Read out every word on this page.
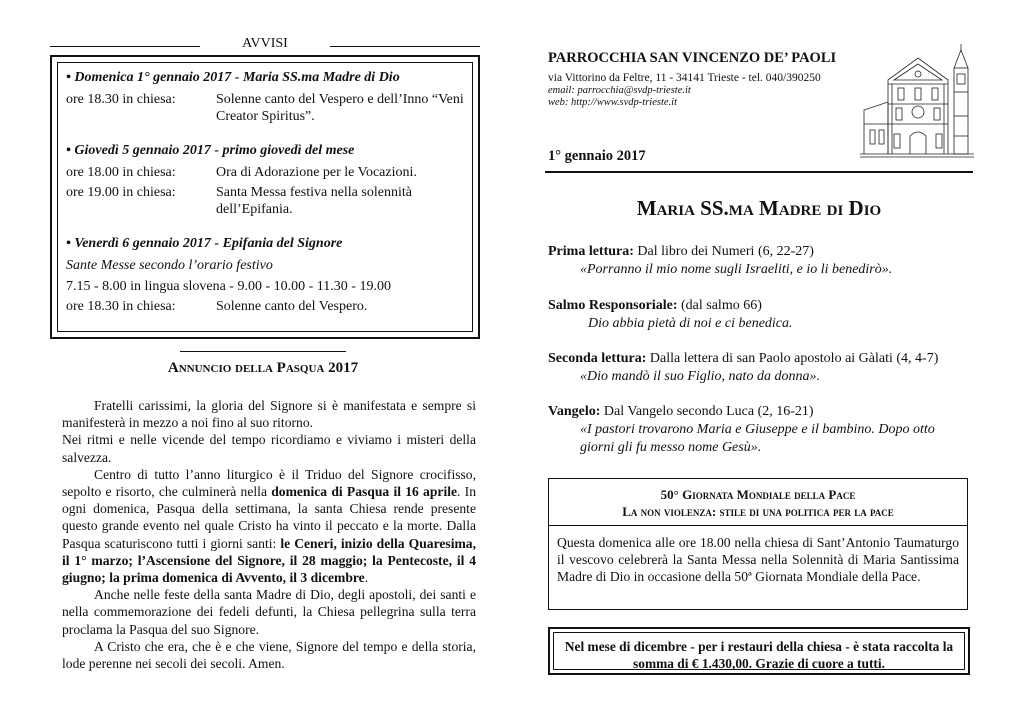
AVVISI
• Domenica 1° gennaio 2017 - Maria SS.ma Madre di Dio
ore 18.30 in chiesa:	Solenne canto del Vespero e dell’Inno “Veni Creator Spiritus”.
• Giovedì 5 gennaio 2017 - primo giovedì del mese
ore 18.00 in chiesa:	Ora di Adorazione per le Vocazioni.
ore 19.00 in chiesa:	Santa Messa festiva nella solennità dell’Epifania.
• Venerdì 6 gennaio 2017 - Epifania del Signore
Sante Messe secondo l’orario festivo
7.15 - 8.00 in lingua slovena - 9.00 - 10.00 - 11.30 - 19.00
ore 18.30 in chiesa:	Solenne canto del Vespero.
Annuncio della Pasqua 2017

Fratelli carissimi, la gloria del Signore si è manifestata e sempre si manifesterà in mezzo a noi fino al suo ritorno.

Nei ritmi e nelle vicende del tempo ricordiamo e viviamo i misteri della salvezza.

Centro di tutto l’anno liturgico è il Triduo del Signore crocifisso, sepolto e risorto, che culminerà nella domenica di Pasqua il 16 aprile. In ogni domenica, Pasqua della settimana, la santa Chiesa rende presente questo grande evento nel quale Cristo ha vinto il peccato e la morte. Dalla Pasqua scaturiscono tutti i giorni santi: le Ceneri, inizio della Quaresima, il 1° marzo; l’Ascensione del Signore, il 28 maggio; la Pentecoste, il 4 giugno; la prima domenica di Avvento, il 3 dicembre.

Anche nelle feste della santa Madre di Dio, degli apostoli, dei santi e nella commemorazione dei fedeli defunti, la Chiesa pellegrina sulla terra proclama la Pasqua del suo Signore.

A Cristo che era, che è e che viene, Signore del tempo e della storia, lode perenne nei secoli dei secoli. Amen.

PARROCCHIA SAN VINCENZO DE’ PAOLI
via Vittorino da Feltre, 11 - 34141 Trieste - tel. 040/390250
email: parrocchia@svdp-trieste.it
web: http://www.svdp-trieste.it
1° gennaio 2017
Maria SS.ma Madre di Dio
Prima lettura: Dal libro dei Numeri (6, 22-27)
«Porranno il mio nome sugli Israeliti, e io li benedirò».
Salmo Responsoriale: (dal salmo 66)
Dio abbia pietà di noi e ci benedica.
Seconda lettura: Dalla lettera di san Paolo apostolo ai Gàlati (4, 4-7)
«Dio mandò il suo Figlio, nato da donna».
Vangelo: Dal Vangelo secondo Luca (2, 16-21)
«I pastori trovarono Maria e Giuseppe e il bambino. Dopo otto giorni gli fu messo nome Gesù».
50° Giornata Mondiale della Pace
La non violenza: stile di una politica per la pace
Questa domenica alle ore 18.00 nella chiesa di Sant’Antonio Taumaturgo il vescovo celebrerà la Santa Messa nella Solennità di Maria Santissima Madre di Dio in occasione della 50ª Giornata Mondiale della Pace.
Nel mese di dicembre - per i restauri della chiesa - è stata raccolta la somma di € 1.430,00. Grazie di cuore a tutti.
